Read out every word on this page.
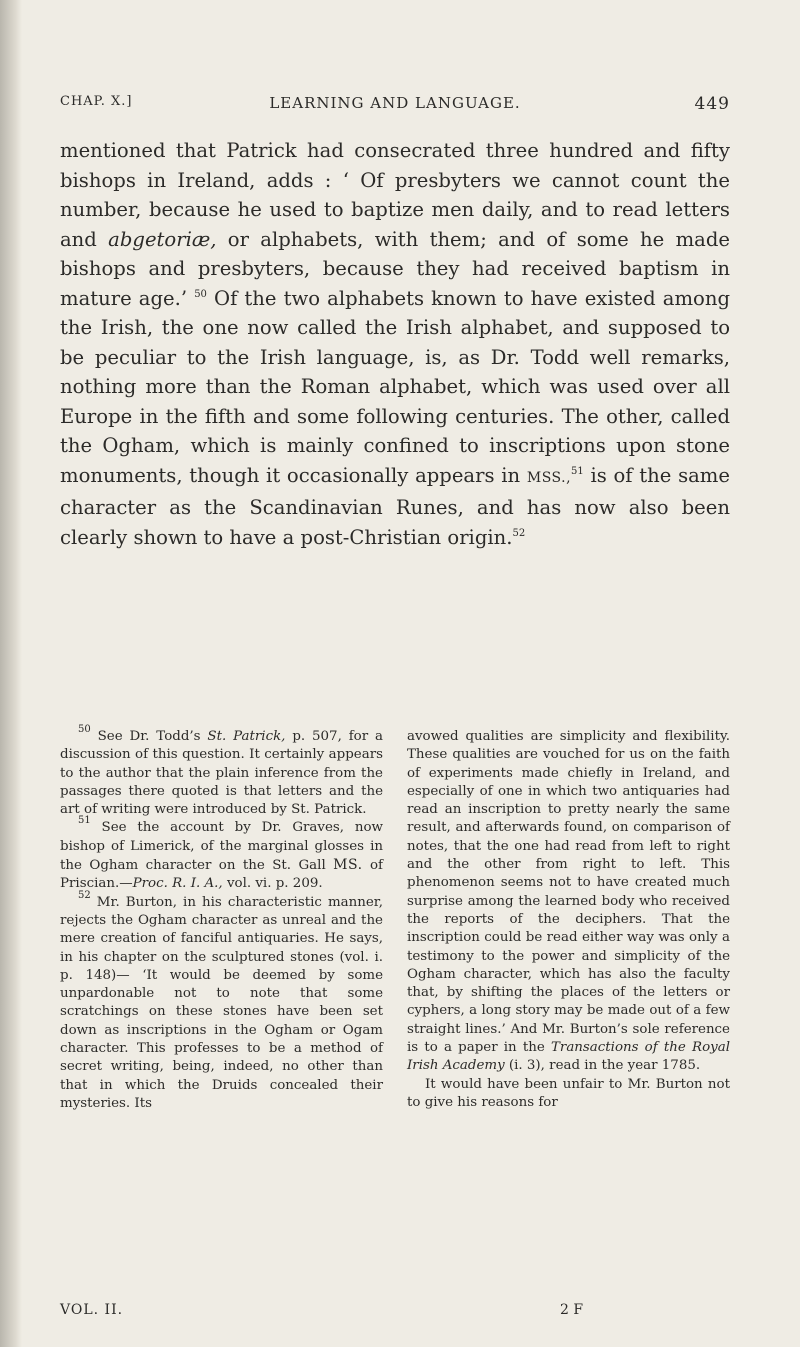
CHAP. X.]	LEARNING AND LANGUAGE.	449

mentioned that Patrick had consecrated three hundred and fifty bishops in Ireland, adds : ‘ Of presbyters we cannot count the number, because he used to baptize men daily, and to read letters and abgetoriæ, or alphabets, with them; and of some he made bishops and presbyters, because they had received baptism in mature age.’ $^{50}$ Of the two alphabets known to have existed among the Irish, the one now called the Irish alphabet, and supposed to be peculiar to the Irish language, is, as Dr. Todd well remarks, nothing more than the Roman alphabet, which was used over all Europe in the fifth and some following centuries. The other, called the Ogham, which is mainly confined to inscriptions upon stone monuments, though it occasionally appears in MSS.,$^{51}$ is of the same character as the Scandinavian Runes, and has now also been clearly shown to have a post-Christian origin.$^{52}$

$^{50}$ See Dr. Todd’s St. Patrick, p. 507, for a discussion of this question. It certainly appears to the author that the plain inference from the passages there quoted is that letters and the art of writing were introduced by St. Patrick.

$^{51}$ See the account by Dr. Graves, now bishop of Limerick, of the marginal glosses in the Ogham character on the St. Gall MS. of Priscian.—Proc. R. I. A., vol. vi. p. 209.

$^{52}$ Mr. Burton, in his characteristic manner, rejects the Ogham character as unreal and the mere creation of fanciful antiquaries. He says, in his chapter on the sculptured stones (vol. i. p. 148)— ‘It would be deemed by some unpardonable not to note that some scratchings on these stones have been set down as inscriptions in the Ogham or Ogam character. This professes to be a method of secret writing, being, indeed, no other than that in which the Druids concealed their mysteries. Its

avowed qualities are simplicity and flexibility. These qualities are vouched for us on the faith of experiments made chiefly in Ireland, and especially of one in which two antiquaries had read an inscription to pretty nearly the same result, and afterwards found, on comparison of notes, that the one had read from left to right and the other from right to left. This phenomenon seems not to have created much surprise among the learned body who received the reports of the deciphers. That the inscription could be read either way was only a testimony to the power and simplicity of the Ogham character, which has also the faculty that, by shifting the places of the letters or cyphers, a long story may be made out of a few straight lines.’ And Mr. Burton’s sole reference is to a paper in the Transactions of the Royal Irish Academy (i. 3), read in the year 1785.

It would have been unfair to Mr. Burton not to give his reasons for

VOL. II.	2 F
